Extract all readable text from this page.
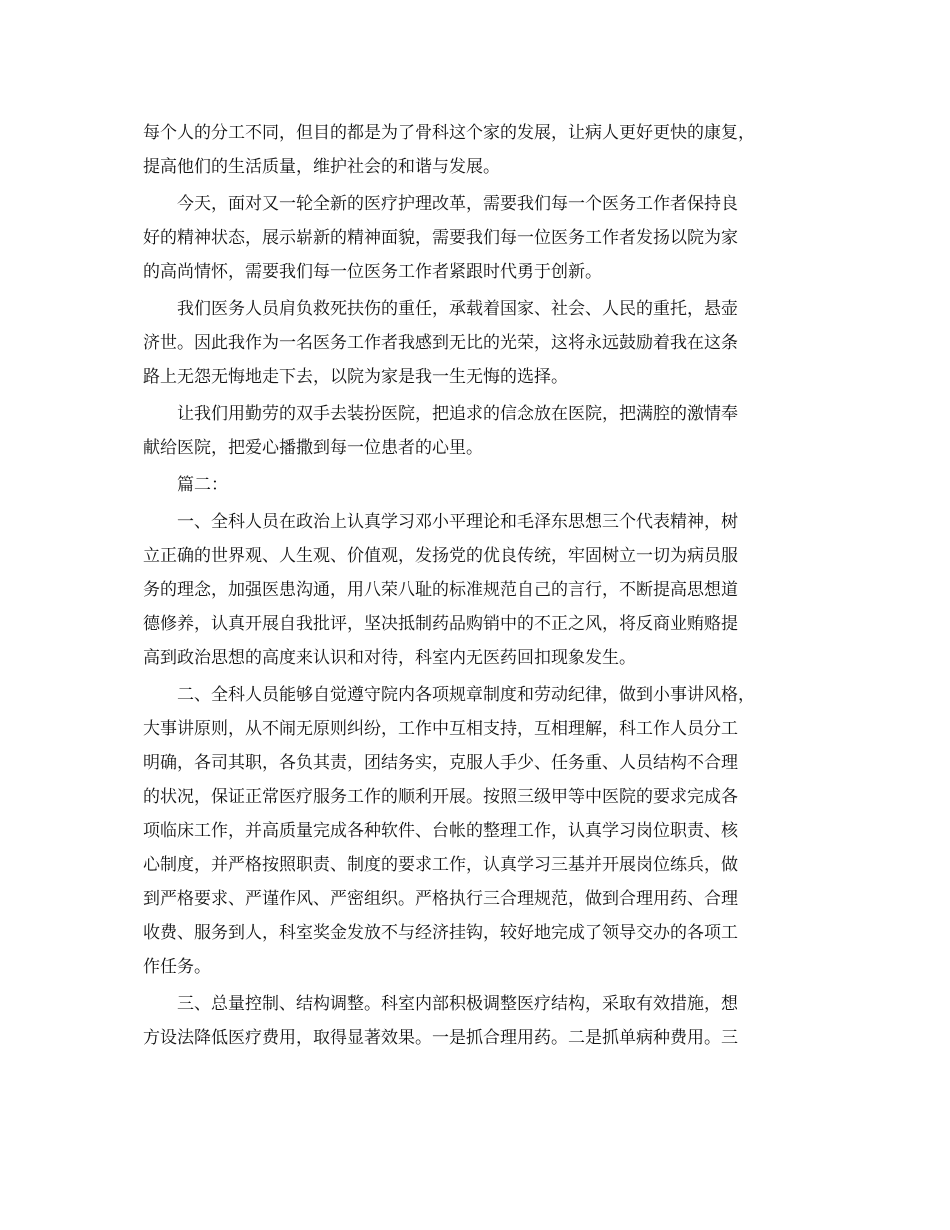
每个人的分工不同，但目的都是为了骨科这个家的发展，让病人更好更快的康复，
提高他们的生活质量，维护社会的和谐与发展。

今天，面对又一轮全新的医疗护理改革，需要我们每一个医务工作者保持良
好的精神状态，展示崭新的精神面貌，需要我们每一位医务工作者发扬以院为家
的高尚情怀，需要我们每一位医务工作者紧跟时代勇于创新。

我们医务人员肩负救死扶伤的重任，承载着国家、社会、人民的重托，悬壶
济世。因此我作为一名医务工作者我感到无比的光荣，这将永远鼓励着我在这条
路上无怨无悔地走下去，以院为家是我一生无悔的选择。

让我们用勤劳的双手去装扮医院，把追求的信念放在医院，把满腔的激情奉
献给医院，把爱心播撒到每一位患者的心里。

篇二：

一、全科人员在政治上认真学习邓小平理论和毛泽东思想三个代表精神，树
立正确的世界观、人生观、价值观，发扬党的优良传统，牢固树立一切为病员服
务的理念，加强医患沟通，用八荣八耻的标准规范自己的言行，不断提高思想道
德修养，认真开展自我批评，坚决抵制药品购销中的不正之风，将反商业贿赂提
高到政治思想的高度来认识和对待，科室内无医药回扣现象发生。

二、全科人员能够自觉遵守院内各项规章制度和劳动纪律，做到小事讲风格，
大事讲原则，从不闹无原则纠纷，工作中互相支持，互相理解，科工作人员分工
明确，各司其职，各负其责，团结务实，克服人手少、任务重、人员结构不合理
的状况，保证正常医疗服务工作的顺利开展。按照三级甲等中医院的要求完成各
项临床工作，并高质量完成各种软件、台帐的整理工作，认真学习岗位职责、核
心制度，并严格按照职责、制度的要求工作，认真学习三基并开展岗位练兵，做
到严格要求、严谨作风、严密组织。严格执行三合理规范，做到合理用药、合理
收费、服务到人，科室奖金发放不与经济挂钩，较好地完成了领导交办的各项工
作任务。

三、总量控制、结构调整。科室内部积极调整医疗结构，采取有效措施，想
方设法降低医疗费用，取得显著效果。一是抓合理用药。二是抓单病种费用。三
